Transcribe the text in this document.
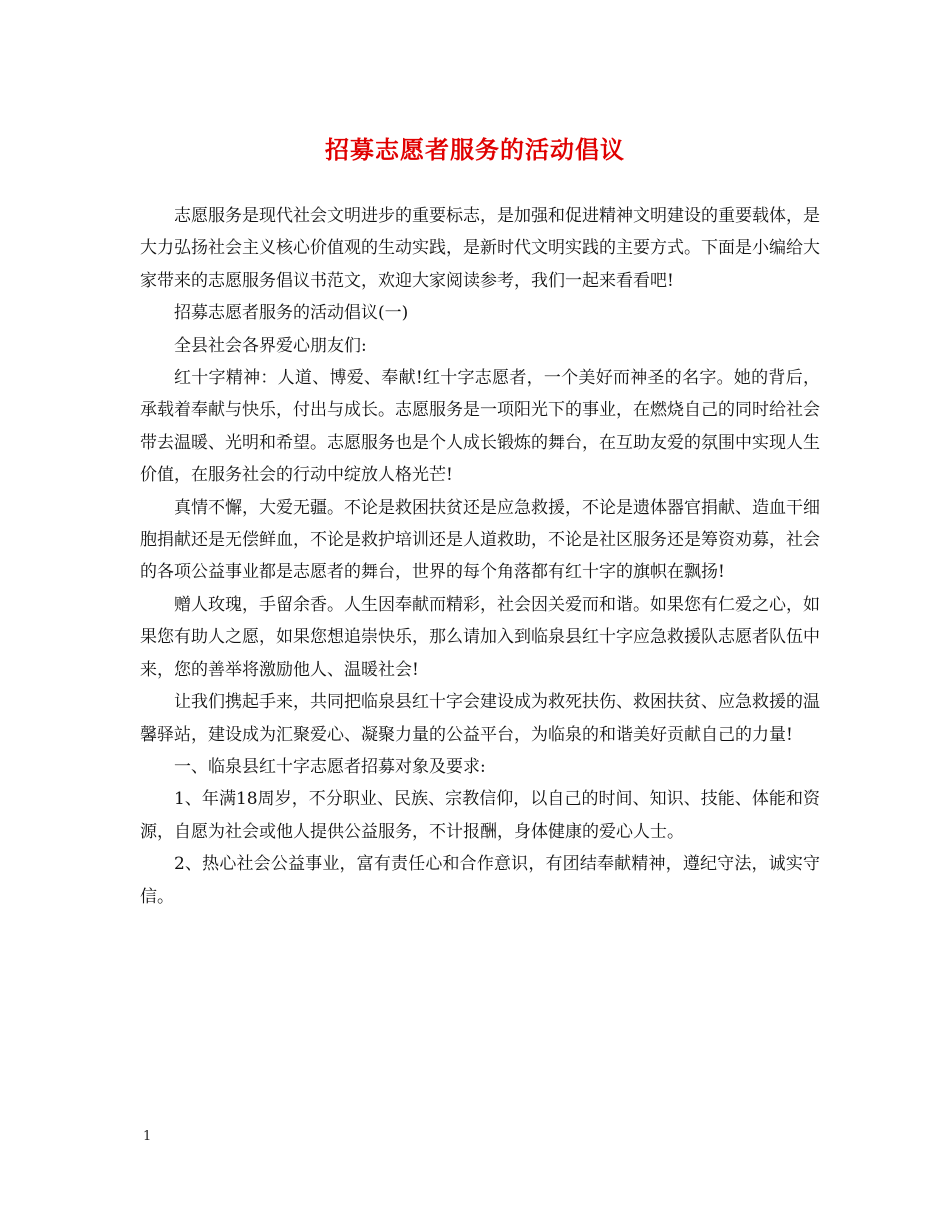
招募志愿者服务的活动倡议

志愿服务是现代社会文明进步的重要标志，是加强和促进精神文明建设的重要载体，是大力弘扬社会主义核心价值观的生动实践，是新时代文明实践的主要方式。下面是小编给大家带来的志愿服务倡议书范文，欢迎大家阅读参考，我们一起来看看吧!

招募志愿者服务的活动倡议(一)

全县社会各界爱心朋友们:

红十字精神：人道、博爱、奉献!红十字志愿者，一个美好而神圣的名字。她的背后，承载着奉献与快乐，付出与成长。志愿服务是一项阳光下的事业，在燃烧自己的同时给社会带去温暖、光明和希望。志愿服务也是个人成长锻炼的舞台，在互助友爱的氛围中实现人生价值，在服务社会的行动中绽放人格光芒!

真情不懈，大爱无疆。不论是救困扶贫还是应急救援，不论是遗体器官捐献、造血干细胞捐献还是无偿鲜血，不论是救护培训还是人道救助，不论是社区服务还是筹资劝募，社会的各项公益事业都是志愿者的舞台，世界的每个角落都有红十字的旗帜在飘扬!

赠人玫瑰，手留余香。人生因奉献而精彩，社会因关爱而和谐。如果您有仁爱之心，如果您有助人之愿，如果您想追崇快乐，那么请加入到临泉县红十字应急救援队志愿者队伍中来，您的善举将激励他人、温暖社会!

让我们携起手来，共同把临泉县红十字会建设成为救死扶伤、救困扶贫、应急救援的温馨驿站，建设成为汇聚爱心、凝聚力量的公益平台，为临泉的和谐美好贡献自己的力量!

一、临泉县红十字志愿者招募对象及要求:

1、年满18周岁，不分职业、民族、宗教信仰，以自己的时间、知识、技能、体能和资源，自愿为社会或他人提供公益服务，不计报酬，身体健康的爱心人士。

2、热心社会公益事业，富有责任心和合作意识，有团结奉献精神，遵纪守法，诚实守信。

1
